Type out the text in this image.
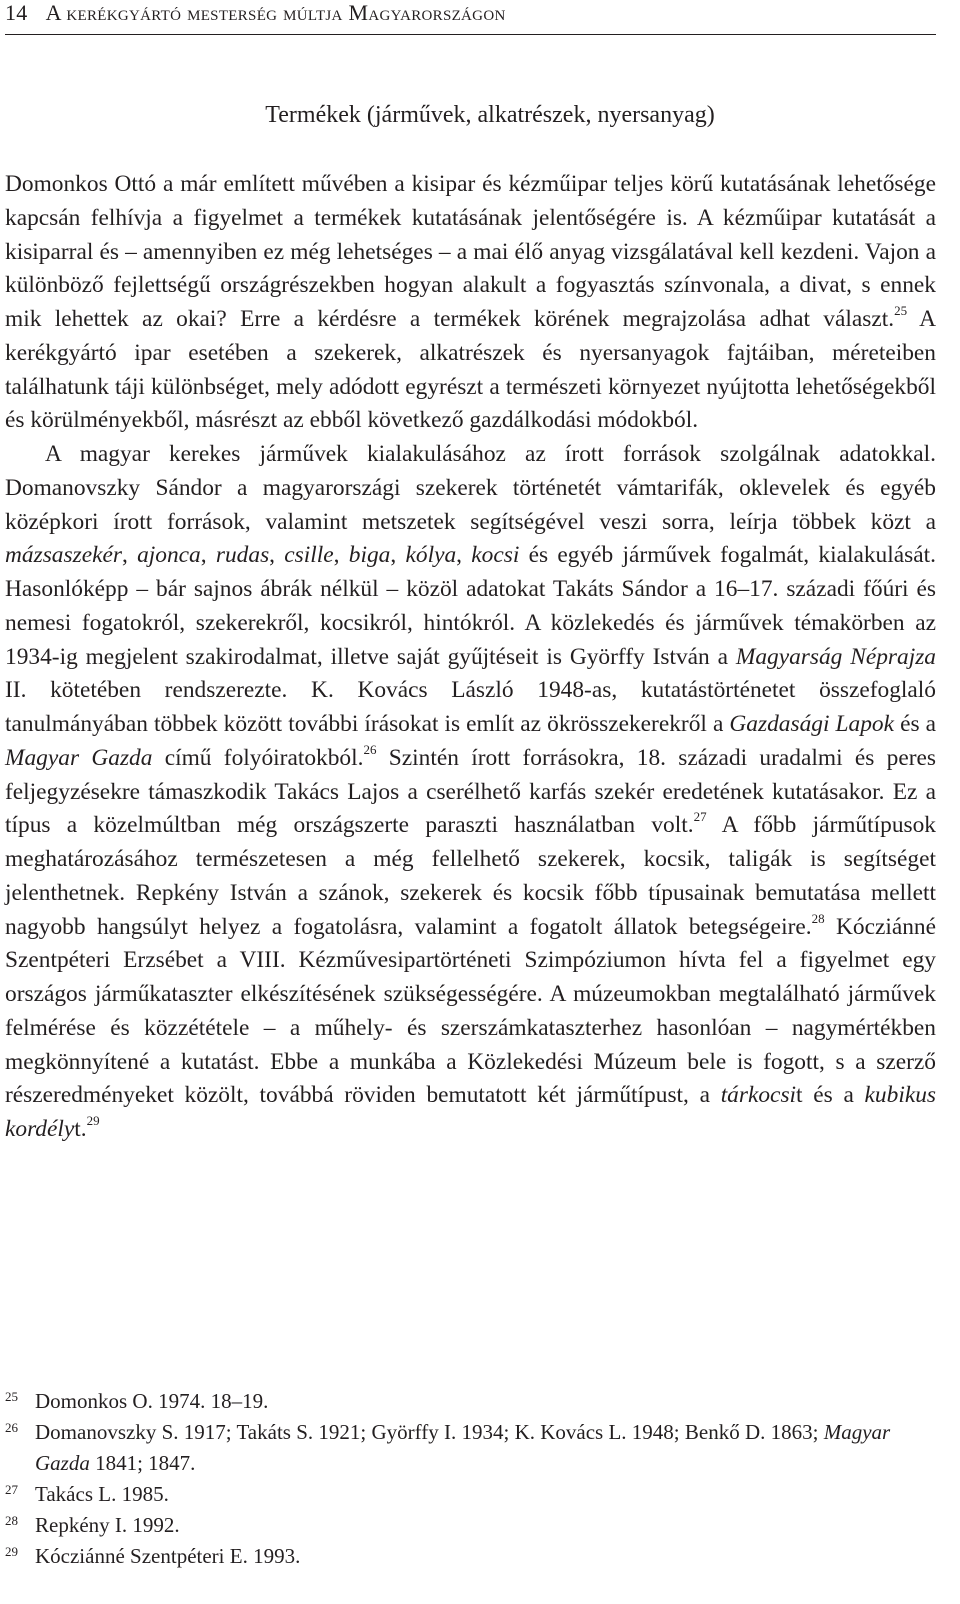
14 A kerékgyártó mesterség múltja Magyarországon
Termékek (járművek, alkatrészek, nyersanyag)

Domonkos Ottó a már említett művében a kisipar és kézműipar teljes körű kutatásának lehetősége kapcsán felhívja a figyelmet a termékek kutatásának jelentőségére is. A kézműipar kutatását a kisiparral és – amennyiben ez még lehetséges – a mai élő anyag vizsgálatával kell kezdeni. Vajon a különböző fejlettségű országrészekben hogyan alakult a fogyasztás színvonala, a divat, s ennek mik lehettek az okai? Erre a kérdésre a termékek körének megrajzolása adhat választ.$^{25}$ A kerékgyártó ipar esetében a szekerek, alkatrészek és nyersanyagok fajtáiban, méreteiben találhatunk táji különbséget, mely adódott egyrészt a természeti környezet nyújtotta lehetőségekből és körülményekből, másrészt az ebből következő gazdálkodási módokból.

A magyar kerekes járművek kialakulásához az írott források szolgálnak adatokkal. Domanovszky Sándor a magyarországi szekerek történetét vámtarifák, oklevelek és egyéb középkori írott források, valamint metszetek segítségével veszi sorra, leírja többek közt a mázsaszekér, ajonca, rudas, csille, biga, kólya, kocsi és egyéb járművek fogalmát, kialakulását. Hasonlóképp – bár sajnos ábrák nélkül – közöl adatokat Takáts Sándor a 16–17. századi főúri és nemesi fogatokról, szekerekről, kocsikról, hintókról. A közlekedés és járművek témakörben az 1934-ig megjelent szakirodalmat, illetve saját gyűjtéseit is Györffy István a Magyarság Néprajza II. kötetében rendszerezte. K. Kovács László 1948-as, kutatástörténetet összefoglaló tanulmányában többek között további írásokat is említ az ökrösszekerekről a Gazdasági Lapok és a Magyar Gazda című folyóiratokból.$^{26}$ Szintén írott forrásokra, 18. századi uradalmi és peres feljegyzésekre támaszkodik Takács Lajos a cserélhető karfás szekér eredetének kutatásakor. Ez a típus a közelmúltban még országszerte paraszti használatban volt.$^{27}$ A főbb járműtípusok meghatározásához természetesen a még fellelhető szekerek, kocsik, taligák is segítséget jelenthetnek. Repkény István a szánok, szekerek és kocsik főbb típusainak bemutatása mellett nagyobb hangsúlyt helyez a fogatolásra, valamint a fogatolt állatok betegségeire.$^{28}$ Kócziánné Szentpéteri Erzsébet a VIII. Kézművesipartörténeti Szimpóziumon hívta fel a figyelmet egy országos járműkataszter elkészítésének szükségességére. A múzeumokban megtalálható járművek felmérése és közzététele – a műhely- és szerszámkataszterhez hasonlóan – nagymértékben megkönnyítené a kutatást. Ebbe a munkába a Közlekedési Múzeum bele is fogott, s a szerző részeredményeket közölt, továbbá röviden bemutatott két járműtípust, a tárkocsit és a kubikus kordélyt.$^{29}$

25 Domonkos O. 1974. 18–19.
26 Domanovszky S. 1917; Takáts S. 1921; Györffy I. 1934; K. Kovács L. 1948; Benkő D. 1863; Magyar Gazda 1841; 1847.
27 Takács L. 1985.
28 Repkény I. 1992.
29 Kócziánné Szentpéteri E. 1993.
